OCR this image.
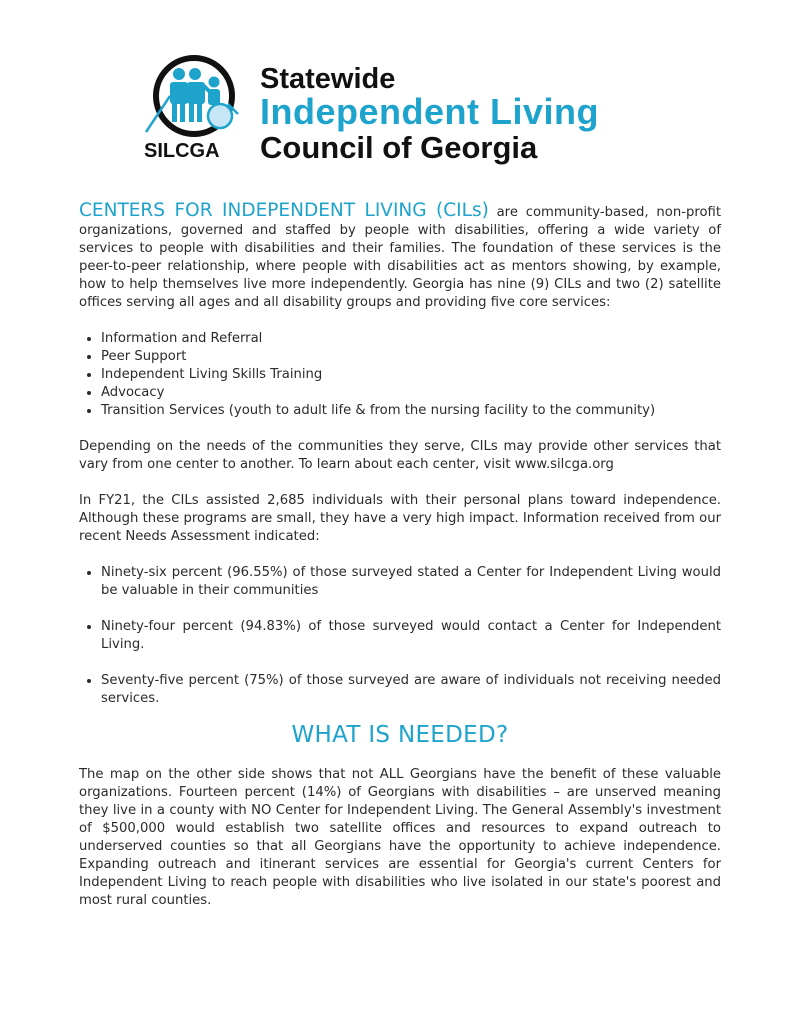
SILCGA
Statewide
Independent Living
Council of Georgia

CENTERS FOR INDEPENDENT LIVING (CILs) are community-based, non-profit organizations, governed and staffed by people with disabilities, offering a wide variety of services to people with disabilities and their families. The foundation of these services is the peer-to-peer relationship, where people with disabilities act as mentors showing, by example, how to help themselves live more independently. Georgia has nine (9) CILs and two (2) satellite offices serving all ages and all disability groups and providing five core services:

• Information and Referral
• Peer Support
• Independent Living Skills Training
• Advocacy
• Transition Services (youth to adult life & from the nursing facility to the community)

Depending on the needs of the communities they serve, CILs may provide other services that vary from one center to another. To learn about each center, visit www.silcga.org

In FY21, the CILs assisted 2,685 individuals with their personal plans toward independence. Although these programs are small, they have a very high impact. Information received from our recent Needs Assessment indicated:

• Ninety-six percent (96.55%) of those surveyed stated a Center for Independent Living would be valuable in their communities
• Ninety-four percent (94.83%) of those surveyed would contact a Center for Independent Living.
• Seventy-five percent (75%) of those surveyed are aware of individuals not receiving needed services.
WHAT IS NEEDED?

The map on the other side shows that not ALL Georgians have the benefit of these valuable organizations. Fourteen percent (14%) of Georgians with disabilities – are unserved meaning they live in a county with NO Center for Independent Living. The General Assembly's investment of $500,000 would establish two satellite offices and resources to expand outreach to underserved counties so that all Georgians have the opportunity to achieve independence. Expanding outreach and itinerant services are essential for Georgia's current Centers for Independent Living to reach people with disabilities who live isolated in our state's poorest and most rural counties.
